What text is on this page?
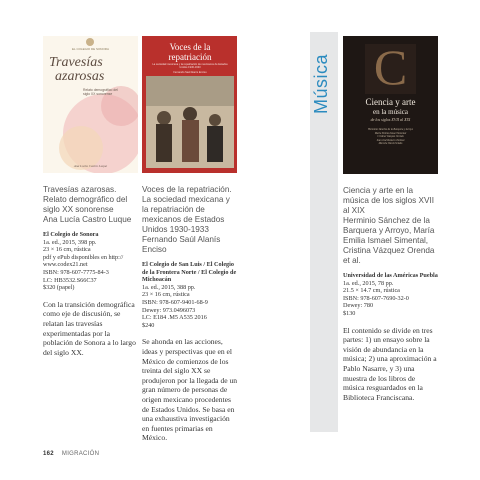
EL COLEGIO DE SONORA
Travesías
azarosas
Relato demográfico del siglo XX sonorense
Ana Lucía Castro Luque
Travesías azarosas. Relato demográfico del siglo XX sonorense
Ana Lucía Castro Luque
El Colegio de Sonora
1a. ed., 2015, 398 pp.
23 × 16 cm, rústica
pdf y ePub disponibles en http://
www.codex21.net
ISBN: 978-607-7775-84-3
LC: HB3532.S66C37
$320 (papel)
Con la transición demográfica como eje de discusión, se relatan las travesías experimentadas por la población de Sonora a lo largo del siglo XX.
Voces de la
repatriación
La sociedad mexicana y la repatriación de mexicanos de Estados Unidos 1930-1933
Fernando Saúl Alanís Enciso
Voces de la repatriación. La sociedad mexicana y la repatriación de mexicanos de Estados Unidos 1930-1933
Fernando Saúl Alanís Enciso
El Colegio de San Luis / El Colegio de la Frontera Norte / El Colegio de Michoacán
1a. ed., 2015, 388 pp.
23 × 16 cm, rústica
ISBN: 978-607-9401-68-9
Dewey: 973.0496073
LC: E184 .M5 A535 2016
$240
Se ahonda en las acciones, ideas y perspectivas que en el México de comienzos de los treinta del siglo XX se produjeron por la llegada de un gran número de personas de origen mexicano procedentes de Estados Unidos. Se basa en una exhaustiva investigación en fuentes primarias en México.
Música C
Ciencia y arte
en la música
de los siglos XVII al XIX
Herminio Sánchez de la Barquera y Arroyo
María Emilia Ismael Simental
Cristina Vázquez Orenda
Juan José Romero Jiménez
Marcela Varela Velado
Ciencia y arte en la música de los siglos XVII al XIX
Herminio Sánchez de la Barquera y Arroyo, María Emilia Ismael Simental, Cristina Vázquez Orenda et al.
Universidad de las Américas Puebla
1a. ed., 2015, 78 pp.
21.5 × 14.7 cm, rústica
ISBN: 978-607-7690-32-0
Dewey: 780
$130
El contenido se divide en tres partes: 1) un ensayo sobre la visión de abundancia en la música; 2) una aproximación a Pablo Nasarre, y 3) una muestra de los libros de música resguardados en la Biblioteca Franciscana.
162 MIGRACIÓN
